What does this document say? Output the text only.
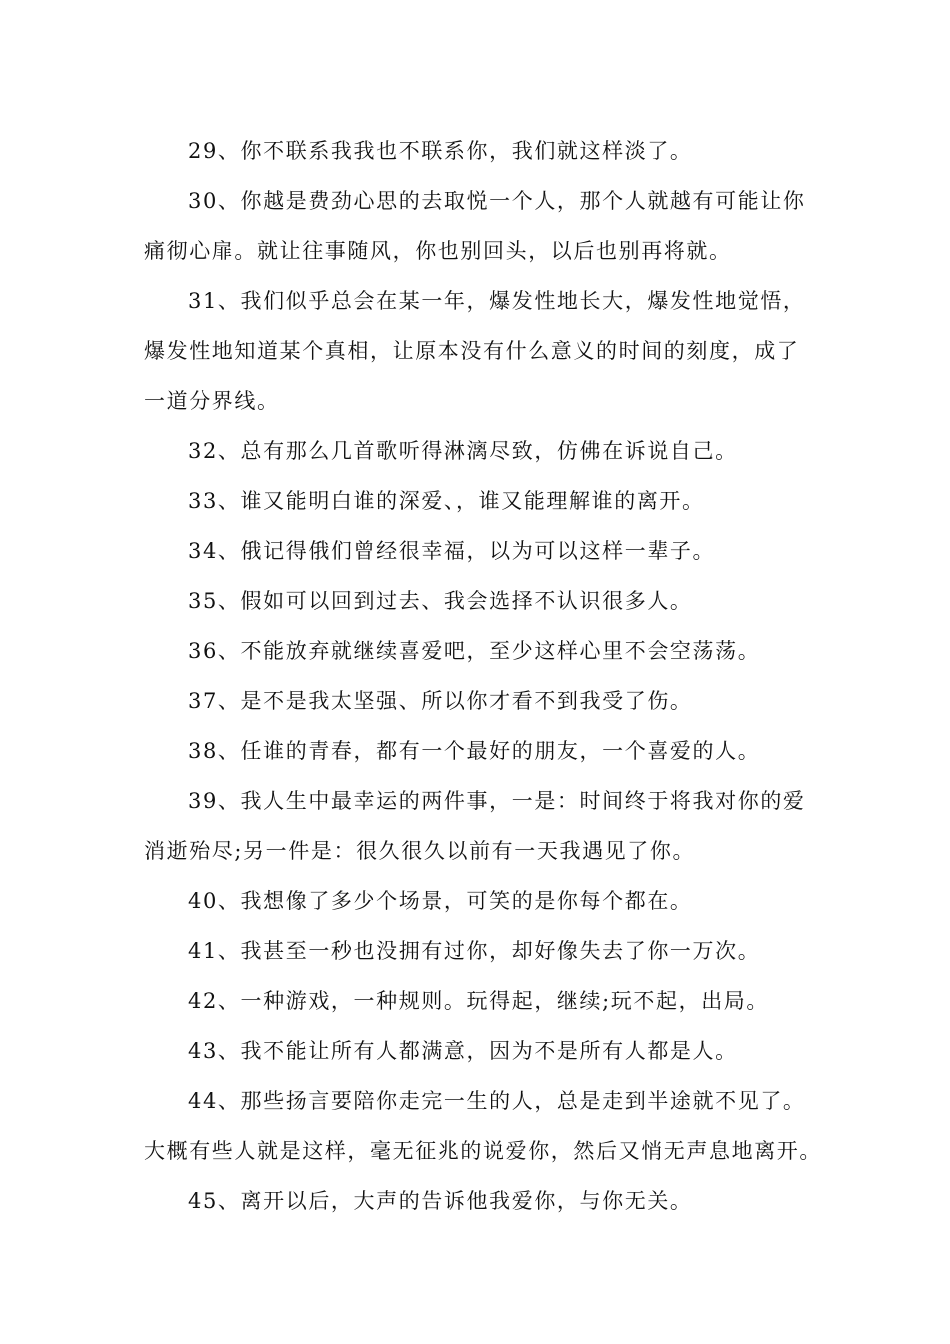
29、你不联系我我也不联系你，我们就这样淡了。

30、你越是费劲心思的去取悦一个人，那个人就越有可能让你
痛彻心扉。就让往事随风，你也别回头，以后也别再将就。

31、我们似乎总会在某一年，爆发性地长大，爆发性地觉悟，
爆发性地知道某个真相，让原本没有什么意义的时间的刻度，成了
一道分界线。

32、总有那么几首歌听得淋漓尽致，仿佛在诉说自己。

33、谁又能明白谁的深爱、，谁又能理解谁的离开。

34、俄记得俄们曾经很幸福，以为可以这样一辈子。

35、假如可以回到过去、我会选择不认识很多人。

36、不能放弃就继续喜爱吧，至少这样心里不会空荡荡。

37、是不是我太坚强、所以你才看不到我受了伤。

38、任谁的青春，都有一个最好的朋友，一个喜爱的人。

39、我人生中最幸运的两件事，一是：时间终于将我对你的爱
消逝殆尽;另一件是：很久很久以前有一天我遇见了你。

40、我想像了多少个场景，可笑的是你每个都在。

41、我甚至一秒也没拥有过你，却好像失去了你一万次。

42、一种游戏，一种规则。玩得起，继续;玩不起，出局。

43、我不能让所有人都满意，因为不是所有人都是人。

44、那些扬言要陪你走完一生的人，总是走到半途就不见了。
大概有些人就是这样，毫无征兆的说爱你，然后又悄无声息地离开。

45、离开以后，大声的告诉他我爱你，与你无关。
